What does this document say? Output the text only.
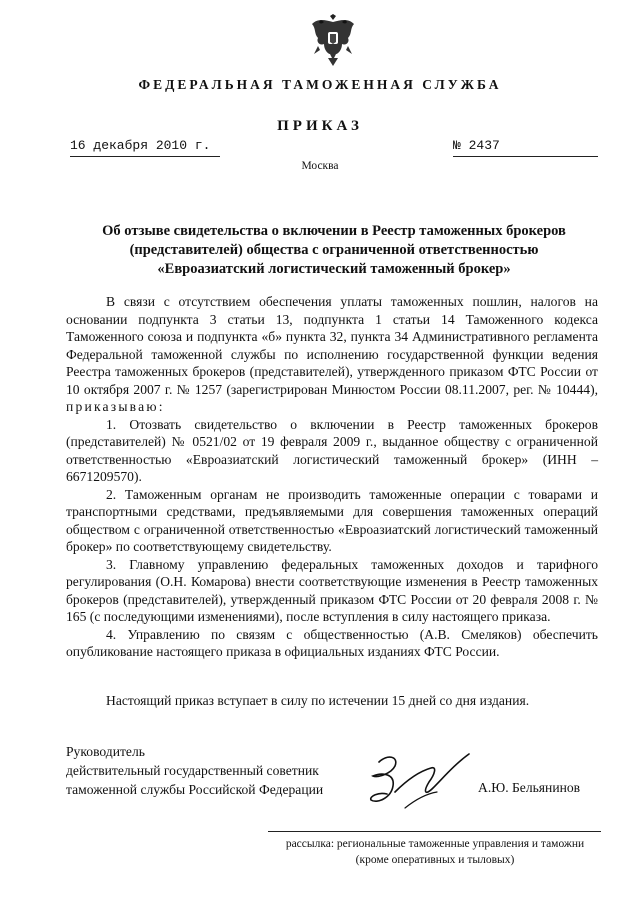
ФЕДЕРАЛЬНАЯ ТАМОЖЕННАЯ СЛУЖБА
ПРИКАЗ
16 декабря 2010 г.	№ 2437
Москва
Об отзыве свидетельства о включении в Реестр таможенных брокеров
(представителей) общества с ограниченной ответственностью
«Евроазиатский логистический таможенный брокер»

В связи с отсутствием обеспечения уплаты таможенных пошлин, налогов на основании подпункта 3 статьи 13, подпункта 1 статьи 14 Таможенного кодекса Таможенного союза и подпункта «б» пункта 32, пункта 34 Административного регламента Федеральной таможенной службы по исполнению государственной функции ведения Реестра таможенных брокеров (представителей), утвержденного приказом ФТС России от 10 октября 2007 г. № 1257 (зарегистрирован Минюстом России 08.11.2007, рег. № 10444), приказываю:

1. Отозвать свидетельство о включении в Реестр таможенных брокеров (представителей) № 0521/02 от 19 февраля 2009 г., выданное обществу с ограниченной ответственностью «Евроазиатский логистический таможенный брокер» (ИНН – 6671209570).

2. Таможенным органам не производить таможенные операции с товарами и транспортными средствами, предъявляемыми для совершения таможенных операций обществом с ограниченной ответственностью «Евроазиатский логистический таможенный брокер» по соответствующему свидетельству.

3. Главному управлению федеральных таможенных доходов и тарифного регулирования (О.Н. Комарова) внести соответствующие изменения в Реестр таможенных брокеров (представителей), утвержденный приказом ФТС России от 20 февраля 2008 г. № 165 (с последующими изменениями), после вступления в силу настоящего приказа.

4. Управлению по связям с общественностью (А.В. Смеляков) обеспечить опубликование настоящего приказа в официальных изданиях ФТС России.

Настоящий приказ вступает в силу по истечении 15 дней со дня издания.
Руководитель
действительный государственный советник
таможенной службы Российской Федерации	А.Ю. Бельянинов
рассылка: региональные таможенные управления и таможни
(кроме оперативных и тыловых)
